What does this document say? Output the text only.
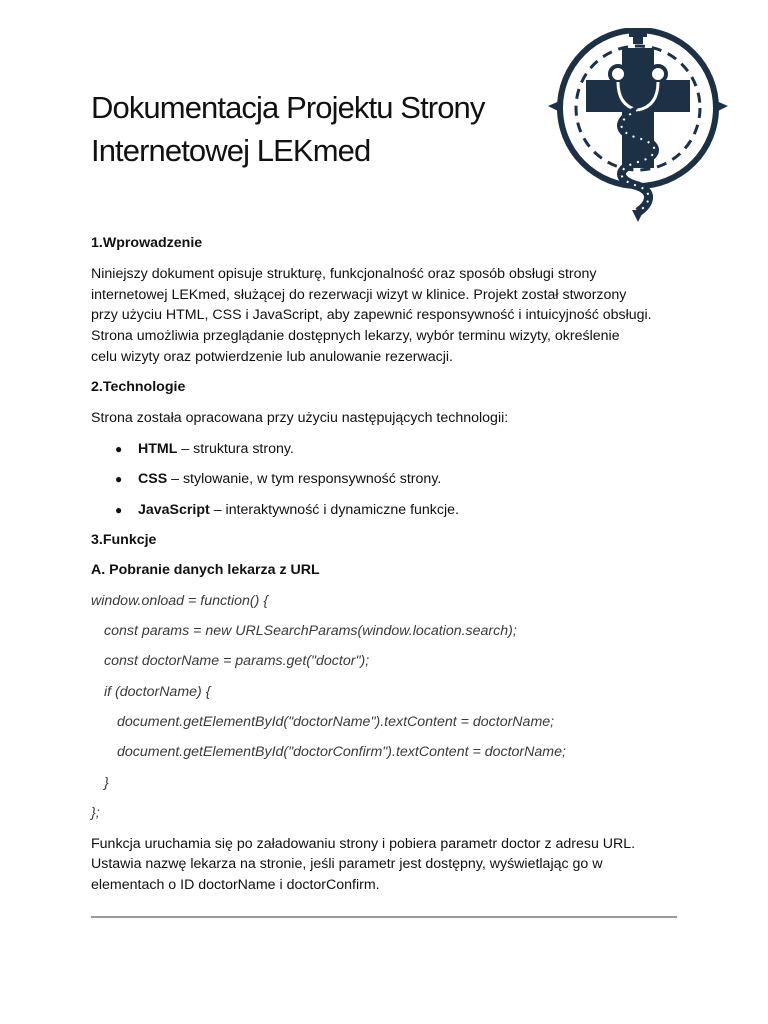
Dokumentacja Projektu Strony
Internetowej LEKmed

1.Wprowadzenie

Niniejszy dokument opisuje strukturę, funkcjonalność oraz sposób obsługi strony
internetowej LEKmed, służącej do rezerwacji wizyt w klinice. Projekt został stworzony
przy użyciu HTML, CSS i JavaScript, aby zapewnić responsywność i intuicyjność obsługi.
Strona umożliwia przeglądanie dostępnych lekarzy, wybór terminu wizyty, określenie
celu wizyty oraz potwierdzenie lub anulowanie rezerwacji.

2.Technologie

Strona została opracowana przy użyciu następujących technologii:

● HTML – struktura strony.
● CSS – stylowanie, w tym responsywność strony.
● JavaScript – interaktywność i dynamiczne funkcje.

3.Funkcje

A. Pobranie danych lekarza z URL

window.onload = function() {
const params = new URLSearchParams(window.location.search);
const doctorName = params.get("doctor");
if (doctorName) {
document.getElementById("doctorName").textContent = doctorName;
document.getElementById("doctorConfirm").textContent = doctorName;
}
};

Funkcja uruchamia się po załadowaniu strony i pobiera parametr doctor z adresu URL.
Ustawia nazwę lekarza na stronie, jeśli parametr jest dostępny, wyświetlając go w
elementach o ID doctorName i doctorConfirm.
